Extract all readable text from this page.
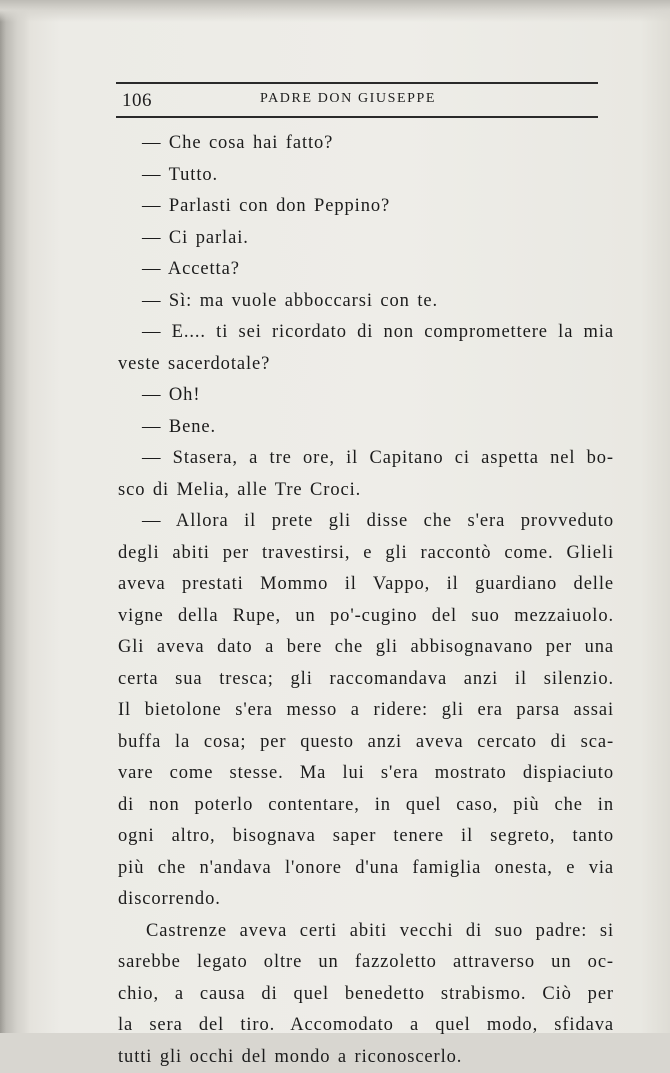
106	PADRE DON GIUSEPPE
— Che cosa hai fatto?
— Tutto.
— Parlasti con don Peppino?
— Ci parlai.
— Accetta?
— Sì: ma vuole abboccarsi con te.
— E.... ti sei ricordato di non compromettere la mia
veste sacerdotale?
— Oh!
— Bene.
— Stasera, a tre ore, il Capitano ci aspetta nel bo-
sco di Melia, alle Tre Croci.
— Allora il prete gli disse che s'era provveduto
degli abiti per travestirsi, e gli raccontò come. Glieli
aveva prestati Mommo il Vappo, il guardiano delle
vigne della Rupe, un po'-cugino del suo mezzaiuolo.
Gli aveva dato a bere che gli abbisognavano per una
certa sua tresca; gli raccomandava anzi il silenzio.
Il bietolone s'era messo a ridere: gli era parsa assai
buffa la cosa; per questo anzi aveva cercato di sca-
vare come stesse. Ma lui s'era mostrato dispiaciuto
di non poterlo contentare, in quel caso, più che in
ogni altro, bisognava saper tenere il segreto, tanto
più che n'andava l'onore d'una famiglia onesta, e via
discorrendo.
Castrenze aveva certi abiti vecchi di suo padre: si
sarebbe legato oltre un fazzoletto attraverso un oc-
chio, a causa di quel benedetto strabismo. Ciò per
la sera del tiro. Accomodato a quel modo, sfidava
tutti gli occhi del mondo a riconoscerlo.
